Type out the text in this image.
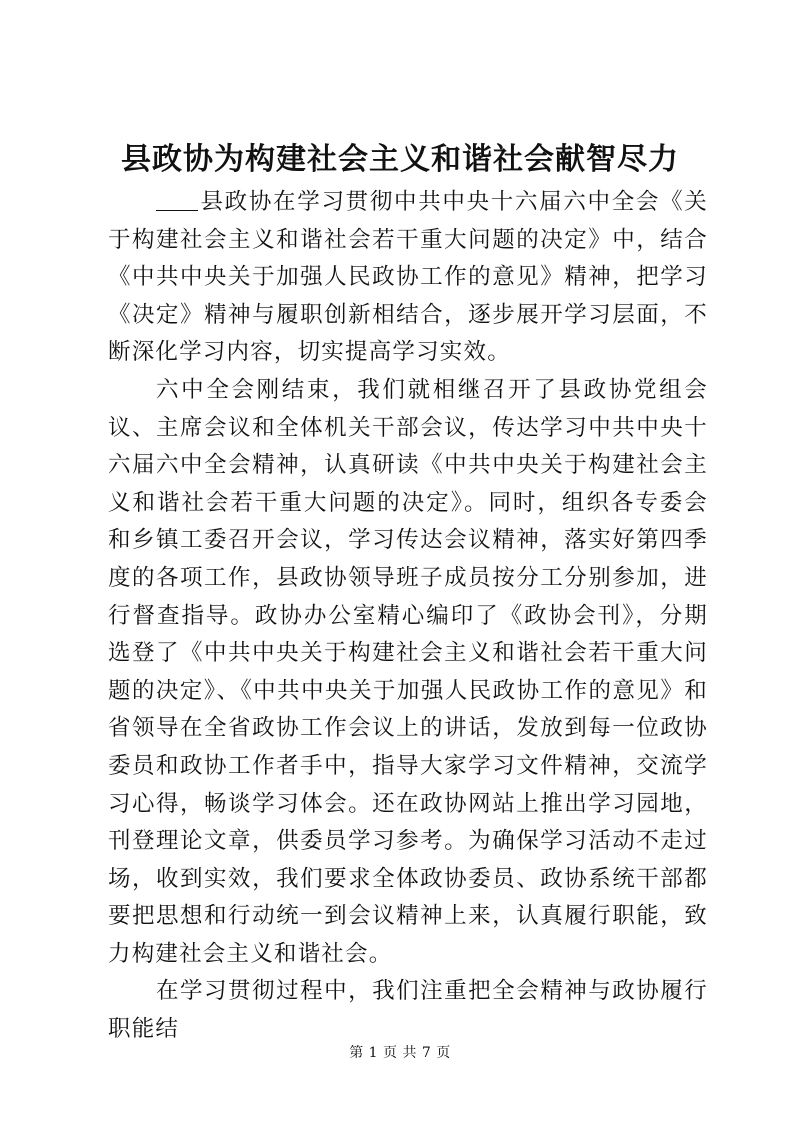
县政协为构建社会主义和谐社会献智尽力

县政协在学习贯彻中共中央十六届六中全会《关于构建社会主义和谐社会若干重大问题的决定》中，结合《中共中央关于加强人民政协工作的意见》精神，把学习《决定》精神与履职创新相结合，逐步展开学习层面，不断深化学习内容，切实提高学习实效。

六中全会刚结束，我们就相继召开了县政协党组会议、主席会议和全体机关干部会议，传达学习中共中央十六届六中全会精神，认真研读《中共中央关于构建社会主义和谐社会若干重大问题的决定》。同时，组织各专委会和乡镇工委召开会议，学习传达会议精神，落实好第四季度的各项工作，县政协领导班子成员按分工分别参加，进行督查指导。政协办公室精心编印了《政协会刊》，分期选登了《中共中央关于构建社会主义和谐社会若干重大问题的决定》、《中共中央关于加强人民政协工作的意见》和省领导在全省政协工作会议上的讲话，发放到每一位政协委员和政协工作者手中，指导大家学习文件精神，交流学习心得，畅谈学习体会。还在政协网站上推出学习园地，刊登理论文章，供委员学习参考。为确保学习活动不走过场，收到实效，我们要求全体政协委员、政协系统干部都要把思想和行动统一到会议精神上来，认真履行职能，致力构建社会主义和谐社会。

在学习贯彻过程中，我们注重把全会精神与政协履行职能结

第 1 页 共 7 页
